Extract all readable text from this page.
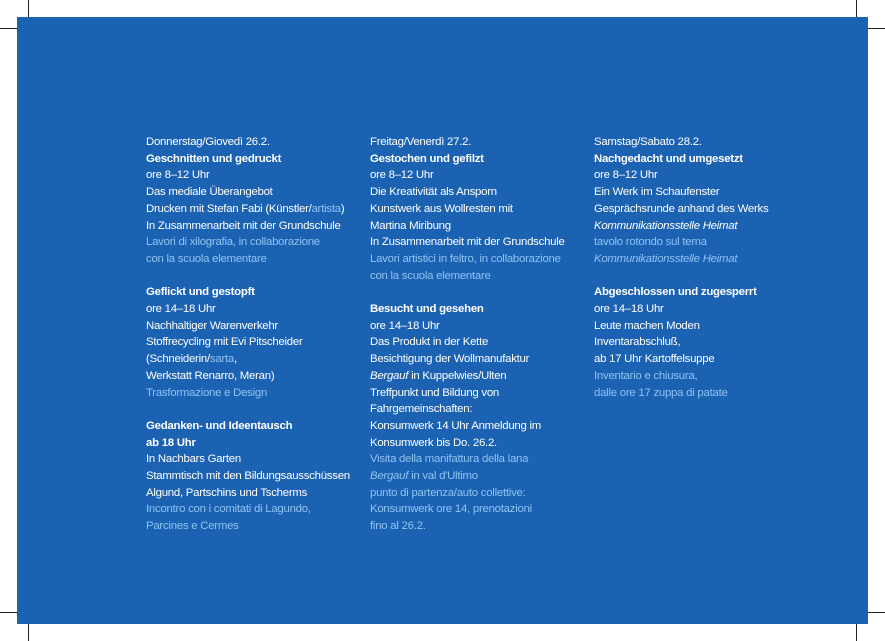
Donnerstag/Giovedì 26.2.

Geschnitten und gedruckt

ore 8–12 Uhr

Das mediale Überangebot

Drucken mit Stefan Fabi (Künstler/artista)

In Zusammenarbeit mit der Grundschule

Lavori di xilografia, in collaborazione

con la scuola elementare

Geflickt und gestopft

ore 14–18 Uhr

Nachhaltiger Warenverkehr

Stoffrecycling mit Evi Pitscheider

(Schneiderin/sarta,

Werkstatt Renarro, Meran)

Trasformazione e Design

Gedanken- und Ideentausch

ab 18 Uhr

In Nachbars Garten

Stammtisch mit den Bildungsausschüssen

Algund, Partschins und Tscherms

Incontro con i comitati di Lagundo,

Parcines e Cermes

Freitag/Venerdì 27.2.

Gestochen und gefilzt

ore 8–12 Uhr

Die Kreativität als Ansporn

Kunstwerk aus Wollresten mit

Martina Miribung

In Zusammenarbeit mit der Grundschule

Lavori artistici in feltro, in collaborazione

con la scuola elementare

Besucht und gesehen

ore 14–18 Uhr

Das Produkt in der Kette

Besichtigung der Wollmanufaktur

Bergauf in Kuppelwies/Ulten

Treffpunkt und Bildung von

Fahrgemeinschaften:

Konsumwerk 14 Uhr Anmeldung im

Konsumwerk bis Do. 26.2.

Visita della manifattura della lana

Bergauf in val d'Ultimo

punto di partenza/auto collettive:

Konsumwerk ore 14, prenotazioni

fino al 26.2.

Samstag/Sabato 28.2.

Nachgedacht und umgesetzt

ore 8–12 Uhr

Ein Werk im Schaufenster

Gesprächsrunde anhand des Werks

Kommunikationsstelle Heimat

tavolo rotondo sul tema

Kommunikationsstelle Heimat

Abgeschlossen und zugesperrt

ore 14–18 Uhr

Leute machen Moden

Inventarabschluß,

ab 17 Uhr Kartoffelsuppe

Inventario e chiusura,

dalle ore 17 zuppa di patate
